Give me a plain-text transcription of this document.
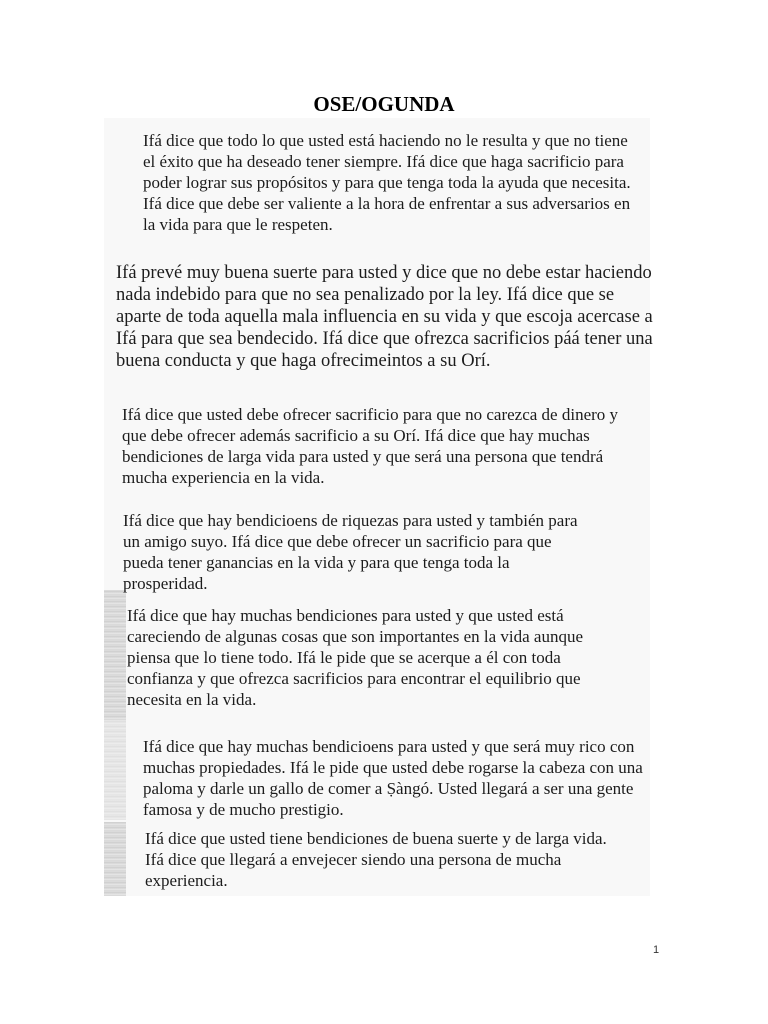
OSE/OGUNDA

Ifá dice que todo lo que usted está haciendo no le resulta y que no tiene el éxito que ha deseado tener siempre. Ifá dice que haga sacrificio para poder lograr sus propósitos y para que tenga toda la ayuda que necesita. Ifá dice que debe ser valiente a la hora de enfrentar a sus adversarios en la vida para que le respeten.

Ifá prevé muy buena suerte para usted y dice que no debe estar haciendo nada indebido para que no sea penalizado por la ley. Ifá dice que se aparte de toda aquella mala influencia en su vida y que escoja acercase a Ifá para que sea bendecido. Ifá dice que ofrezca sacrificios páá tener una buena conducta y que haga ofrecimeintos a su Orí.

Ifá dice que usted debe ofrecer sacrificio para que no carezca de dinero y que debe ofrecer además sacrificio a su Orí. Ifá dice que hay muchas bendiciones de larga vida para usted y que será una persona que tendrá mucha experiencia en la vida.

Ifá dice que hay bendicioens de riquezas para usted y también para un amigo suyo. Ifá dice que debe ofrecer un sacrificio para que pueda tener ganancias en la vida y para que tenga toda la prosperidad.

Ifá dice que hay muchas bendiciones para usted y que usted está careciendo de algunas cosas que son importantes en la vida aunque piensa que lo tiene todo. Ifá le pide que se acerque a él con toda confianza y que ofrezca sacrificios para encontrar el equilibrio que necesita en la vida.

Ifá dice que hay muchas bendicioens para usted y que será muy rico con muchas propiedades. Ifá le pide que usted debe rogarse la cabeza con una paloma y darle un gallo de comer a Ṣàngó. Usted llegará a ser una gente famosa y de mucho prestigio.

Ifá dice que usted tiene bendiciones de buena suerte y de larga vida. Ifá dice que llegará a envejecer siendo una persona de mucha experiencia.

1
